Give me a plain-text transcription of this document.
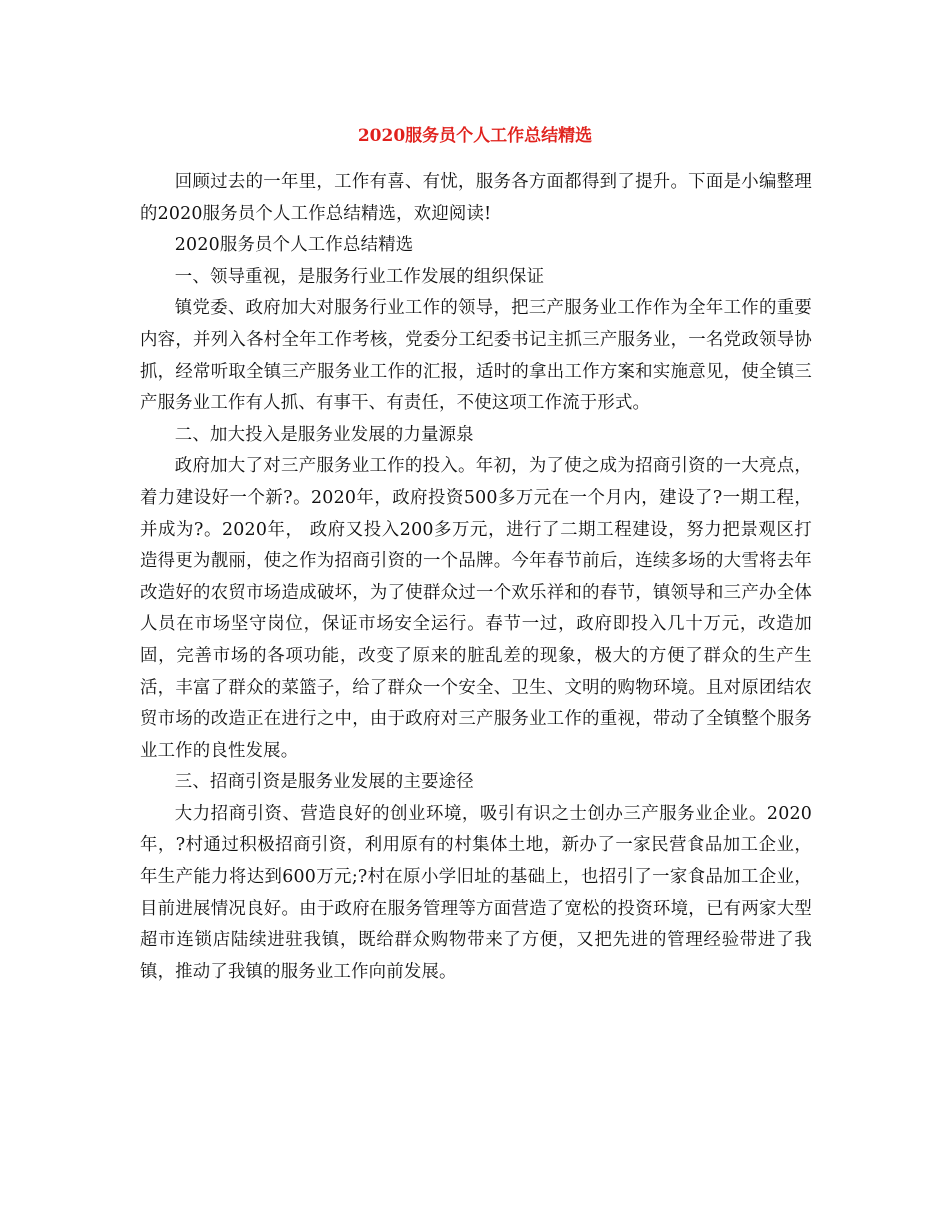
2020服务员个人工作总结精选

回顾过去的一年里，工作有喜、有忧，服务各方面都得到了提升。下面是小编整理的2020服务员个人工作总结精选，欢迎阅读!

2020服务员个人工作总结精选

一、领导重视，是服务行业工作发展的组织保证

镇党委、政府加大对服务行业工作的领导，把三产服务业工作作为全年工作的重要内容，并列入各村全年工作考核，党委分工纪委书记主抓三产服务业，一名党政领导协抓，经常听取全镇三产服务业工作的汇报，适时的拿出工作方案和实施意见，使全镇三产服务业工作有人抓、有事干、有责任，不使这项工作流于形式。

二、加大投入是服务业发展的力量源泉

政府加大了对三产服务业工作的投入。年初，为了使之成为招商引资的一大亮点，着力建设好一个新?。2020年，政府投资500多万元在一个月内，建设了?一期工程，并成为?。2020年， 政府又投入200多万元，进行了二期工程建设，努力把景观区打造得更为靓丽，使之作为招商引资的一个品牌。今年春节前后，连续多场的大雪将去年改造好的农贸市场造成破坏，为了使群众过一个欢乐祥和的春节，镇领导和三产办全体人员在市场坚守岗位，保证市场安全运行。春节一过，政府即投入几十万元，改造加固，完善市场的各项功能，改变了原来的脏乱差的现象，极大的方便了群众的生产生活，丰富了群众的菜篮子，给了群众一个安全、卫生、文明的购物环境。且对原团结农贸市场的改造正在进行之中，由于政府对三产服务业工作的重视，带动了全镇整个服务业工作的良性发展。

三、招商引资是服务业发展的主要途径

大力招商引资、营造良好的创业环境，吸引有识之士创办三产服务业企业。2020年，?村通过积极招商引资，利用原有的村集体土地，新办了一家民营食品加工企业，年生产能力将达到600万元;?村在原小学旧址的基础上，也招引了一家食品加工企业，目前进展情况良好。由于政府在服务管理等方面营造了宽松的投资环境，已有两家大型超市连锁店陆续进驻我镇，既给群众购物带来了方便，又把先进的管理经验带进了我镇，推动了我镇的服务业工作向前发展。
